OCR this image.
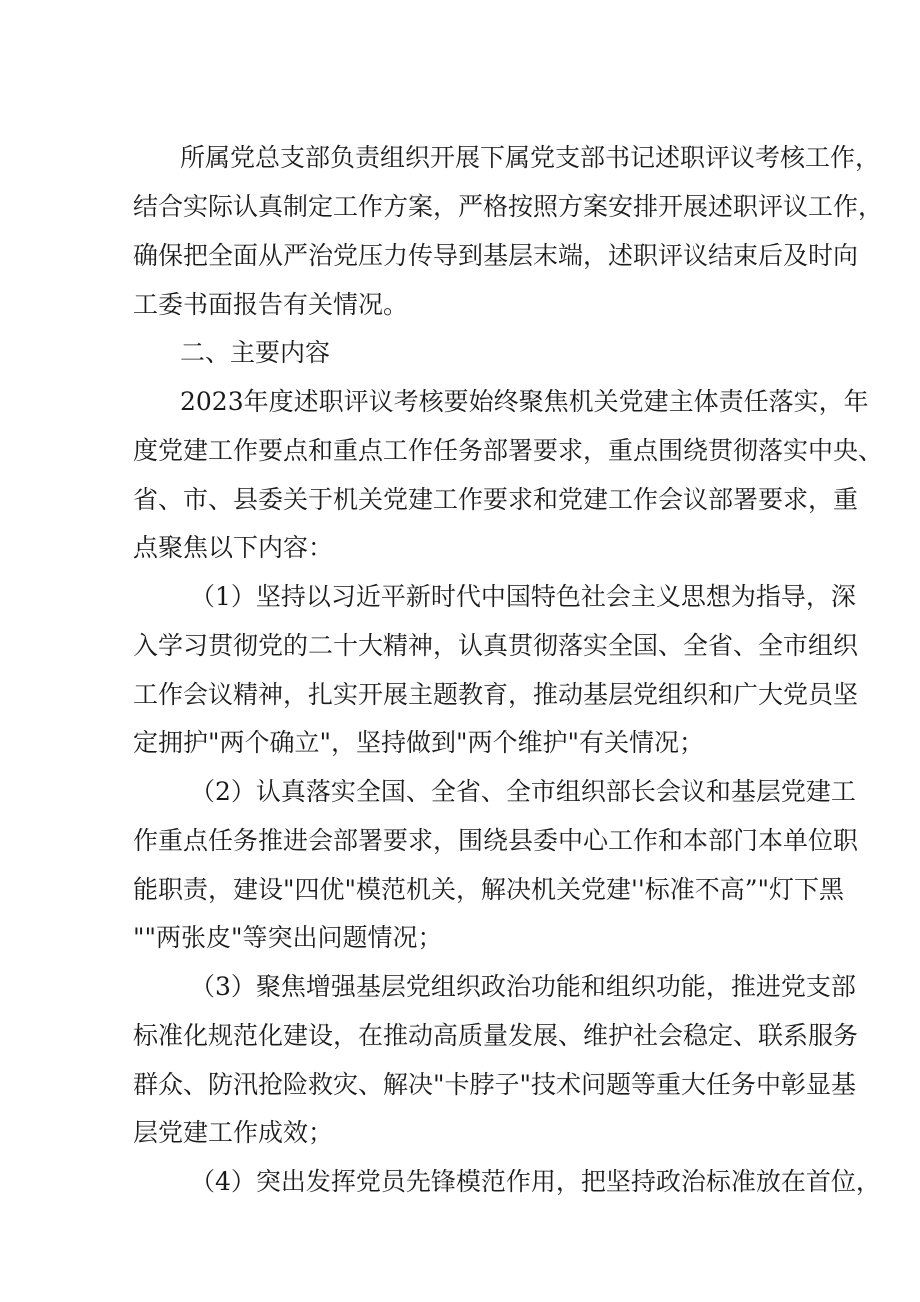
所属党总支部负责组织开展下属党支部书记述职评议考核工作，
结合实际认真制定工作方案，严格按照方案安排开展述职评议工作，
确保把全面从严治党压力传导到基层末端，述职评议结束后及时向
工委书面报告有关情况。
二、主要内容
2023年度述职评议考核要始终聚焦机关党建主体责任落实，年
度党建工作要点和重点工作任务部署要求，重点围绕贯彻落实中央、
省、市、县委关于机关党建工作要求和党建工作会议部署要求，重
点聚焦以下内容：
（1）坚持以习近平新时代中国特色社会主义思想为指导，深
入学习贯彻党的二十大精神，认真贯彻落实全国、全省、全市组织
工作会议精神，扎实开展主题教育，推动基层党组织和广大党员坚
定拥护"两个确立"，坚持做到"两个维护"有关情况；
（2）认真落实全国、全省、全市组织部长会议和基层党建工
作重点任务推进会部署要求，围绕县委中心工作和本部门本单位职
能职责，建设"四优"模范机关，解决机关党建''标准不高”"灯下黑
""两张皮"等突出问题情况；
（3）聚焦增强基层党组织政治功能和组织功能，推进党支部
标准化规范化建设，在推动高质量发展、维护社会稳定、联系服务
群众、防汛抢险救灾、解决"卡脖子"技术问题等重大任务中彰显基
层党建工作成效；
（4）突出发挥党员先锋模范作用，把坚持政治标准放在首位，
